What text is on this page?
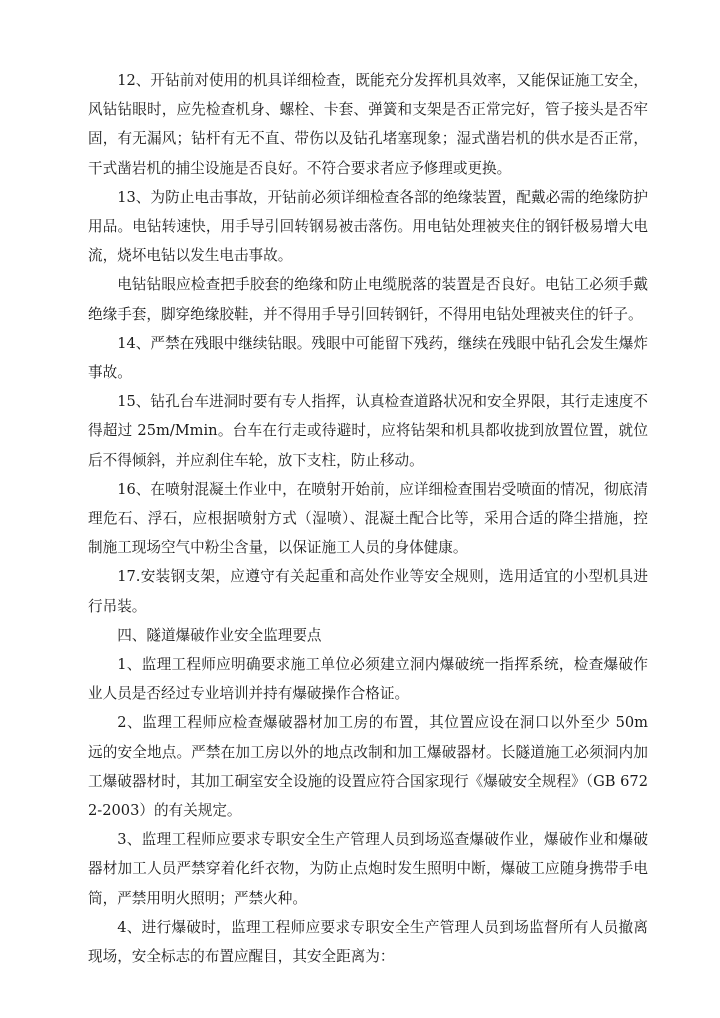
12、开钻前对使用的机具详细检查，既能充分发挥机具效率，又能保证施工安全，风钻钻眼时，应先检查机身、螺栓、卡套、弹簧和支架是否正常完好，管子接头是否牢固，有无漏风；钻杆有无不直、带伤以及钻孔堵塞现象；湿式凿岩机的供水是否正常，干式凿岩机的捕尘设施是否良好。不符合要求者应予修理或更换。

13、为防止电击事故，开钻前必须详细检查各部的绝缘装置，配戴必需的绝缘防护用品。电钻转速快，用手导引回转钢易被击落伤。用电钻处理被夹住的钢钎极易增大电流，烧坏电钻以发生电击事故。

电钻钻眼应检查把手胶套的绝缘和防止电缆脱落的装置是否良好。电钻工必须手戴绝缘手套，脚穿绝缘胶鞋，并不得用手导引回转钢钎，不得用电钻处理被夹住的钎子。

14、严禁在残眼中继续钻眼。残眼中可能留下残药，继续在残眼中钻孔会发生爆炸事故。

15、钻孔台车进洞时要有专人指挥，认真检查道路状况和安全界限，其行走速度不得超过 25m/Mmin。台车在行走或待避时，应将钻架和机具都收拢到放置位置，就位后不得倾斜，并应刹住车轮，放下支柱，防止移动。

16、在喷射混凝土作业中，在喷射开始前，应详细检查围岩受喷面的情况，彻底清理危石、浮石，应根据喷射方式（湿喷）、混凝土配合比等，采用合适的降尘措施，控制施工现场空气中粉尘含量，以保证施工人员的身体健康。

17.安装钢支架，应遵守有关起重和高处作业等安全规则，选用适宜的小型机具进行吊装。

四、隧道爆破作业安全监理要点

1、监理工程师应明确要求施工单位必须建立洞内爆破统一指挥系统，检查爆破作业人员是否经过专业培训并持有爆破操作合格证。

2、监理工程师应检查爆破器材加工房的布置，其位置应设在洞口以外至少 50m 远的安全地点。严禁在加工房以外的地点改制和加工爆破器材。长隧道施工必须洞内加工爆破器材时，其加工硐室安全设施的设置应符合国家现行《爆破安全规程》（GB 6722-2003）的有关规定。

3、监理工程师应要求专职安全生产管理人员到场巡查爆破作业，爆破作业和爆破器材加工人员严禁穿着化纤衣物，为防止点炮时发生照明中断，爆破工应随身携带手电筒，严禁用明火照明；严禁火种。

4、进行爆破时，监理工程师应要求专职安全生产管理人员到场监督所有人员撤离现场，安全标志的布置应醒目，其安全距离为：
